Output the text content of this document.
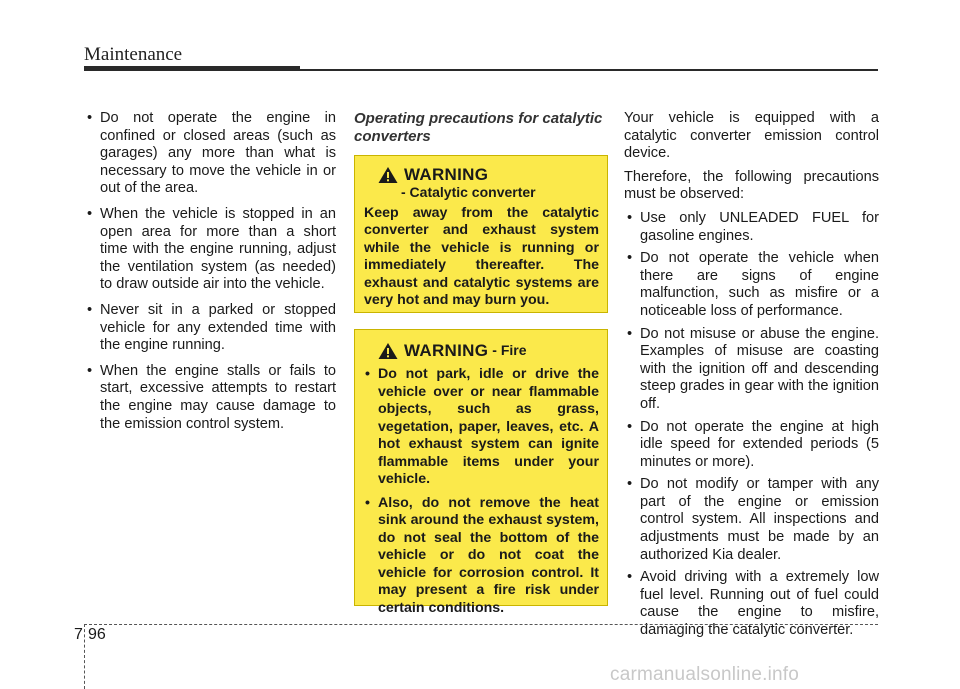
Maintenance
• Do not operate the engine in confined or closed areas (such as garages) any more than what is necessary to move the vehicle in or out of the area.
• When the vehicle is stopped in an open area for more than a short time with the engine running, adjust the ventilation system (as needed) to draw outside air into the vehicle.
• Never sit in a parked or stopped vehicle for any extended time with the engine running.
• When the engine stalls or fails to start, excessive attempts to restart the engine may cause damage to the emission control system.
Operating precautions for catalytic converters
WARNING
- Catalytic converter
Keep away from the catalytic converter and exhaust system while the vehicle is running or immediately thereafter. The exhaust and catalytic systems are very hot and may burn you.
WARNING - Fire
• Do not park, idle or drive the vehicle over or near flammable objects, such as grass, vegetation, paper, leaves, etc. A hot exhaust system can ignite flammable items under your vehicle.
• Also, do not remove the heat sink around the exhaust system, do not seal the bottom of the vehicle or do not coat the vehicle for corrosion control. It may present a fire risk under certain conditions.

Your vehicle is equipped with a catalytic converter emission control device.

Therefore, the following precautions must be observed:

• Use only UNLEADED FUEL for gasoline engines.
• Do not operate the vehicle when there are signs of engine malfunction, such as misfire or a noticeable loss of performance.
• Do not misuse or abuse the engine. Examples of misuse are coasting with the ignition off and descending steep grades in gear with the ignition off.
• Do not operate the engine at high idle speed for extended periods (5 minutes or more).
• Do not modify or tamper with any part of the engine or emission control system. All inspections and adjustments must be made by an authorized Kia dealer.
• Avoid driving with a extremely low fuel level. Running out of fuel could cause the engine to misfire, damaging the catalytic converter.
7 96
carmanualsonline.info
